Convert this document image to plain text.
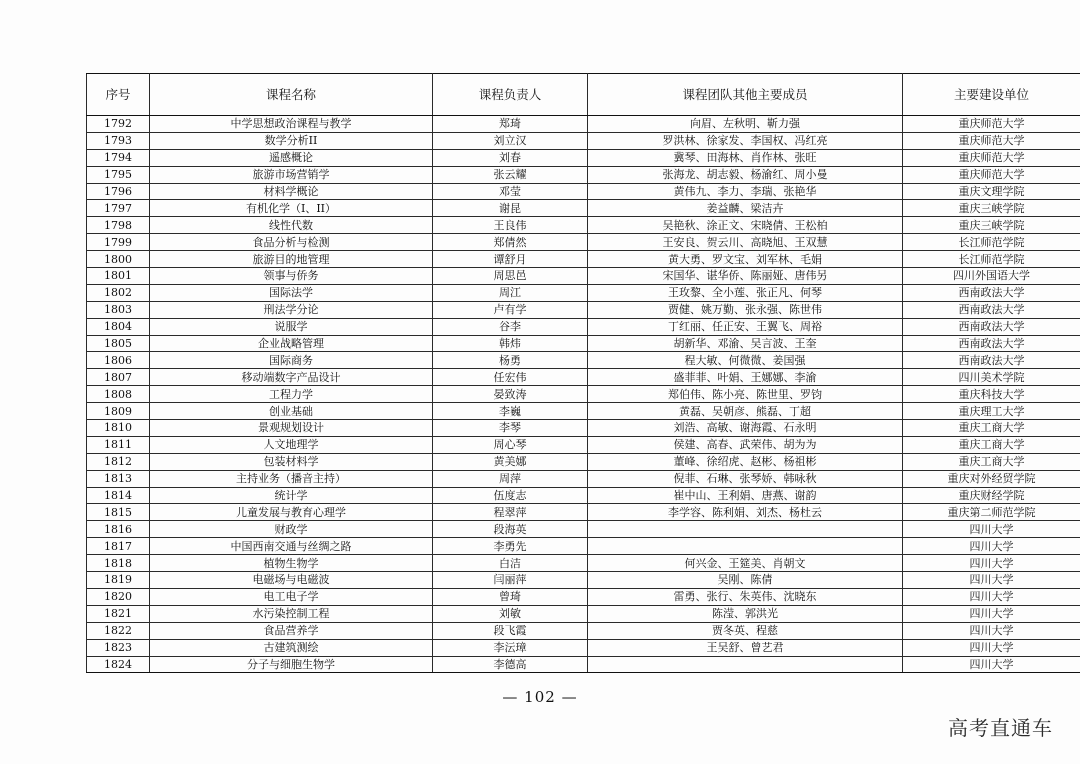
序号	课程名称	课程负责人	课程团队其他主要成员	主要建设单位
1792	中学思想政治课程与教学	郑琦	向眉、左秋明、靳力强	重庆师范大学
1793	数学分析II	刘立汉	罗洪林、徐家发、李国权、冯红亮	重庆师范大学
1794	遥感概论	刘春	冀琴、田海林、肖作林、张旺	重庆师范大学
1795	旅游市场营销学	张云耀	张海龙、胡志毅、杨渝红、周小曼	重庆师范大学
1796	材料学概论	邓莹	黄伟九、李力、李瑞、张艳华	重庆文理学院
1797	有机化学（I、II）	谢昆	姜益麟、梁洁卉	重庆三峡学院
1798	线性代数	王良伟	吴艳秋、涂正文、宋晓倩、王松柏	重庆三峡学院
1799	食品分析与检测	郑倩然	王安良、贺云川、高晓旭、王双慧	长江师范学院
1800	旅游目的地管理	谭舒月	黄大勇、罗文宝、刘军林、毛娟	长江师范学院
1801	领事与侨务	周思邑	宋国华、谌华侨、陈丽娅、唐伟另	四川外国语大学
1802	国际法学	周江	王玫黎、全小莲、张正凡、何琴	西南政法大学
1803	刑法学分论	卢有学	贾健、姚万勤、张永强、陈世伟	西南政法大学
1804	说服学	谷李	丁红丽、任正安、王翼飞、周裕	西南政法大学
1805	企业战略管理	韩炜	胡新华、邓渝、吴言波、王奎	西南政法大学
1806	国际商务	杨勇	程大敏、何微微、姜国强	西南政法大学
1807	移动端数字产品设计	任宏伟	盛菲菲、叶娟、王娜娜、李渝	四川美术学院
1808	工程力学	晏致涛	郑伯伟、陈小亮、陈世里、罗钧	重庆科技大学
1809	创业基础	李巍	黄磊、吴朝彦、熊磊、丁超	重庆理工大学
1810	景观规划设计	李琴	刘浩、高敏、谢海霞、石永明	重庆工商大学
1811	人文地理学	周心琴	侯建、高春、武荣伟、胡为为	重庆工商大学
1812	包装材料学	黄美娜	董峰、徐绍虎、赵彬、杨祖彬	重庆工商大学
1813	主持业务（播音主持）	周萍	倪菲、石琳、张琴娇、韩咏秋	重庆对外经贸学院
1814	统计学	伍度志	崔中山、王利娟、唐燕、谢韵	重庆财经学院
1815	儿童发展与教育心理学	程翠萍	李学容、陈利娟、刘杰、杨杜云	重庆第二师范学院
1816	财政学	段海英		四川大学
1817	中国西南交通与丝绸之路	李勇先		四川大学
1818	植物生物学	白洁	何兴金、王筵美、肖朝文	四川大学
1819	电磁场与电磁波	闫丽萍	吴刚、陈倩	四川大学
1820	电工电子学	曾琦	雷勇、张行、朱英伟、沈晓东	四川大学
1821	水污染控制工程	刘敏	陈滢、郭洪光	四川大学
1822	食品营养学	段飞霞	贾冬英、程慈	四川大学
1823	古建筑测绘	李沄璋	王吴舒、曾艺君	四川大学
1824	分子与细胞生物学	李德高		四川大学
— 102 —
高考直通车
